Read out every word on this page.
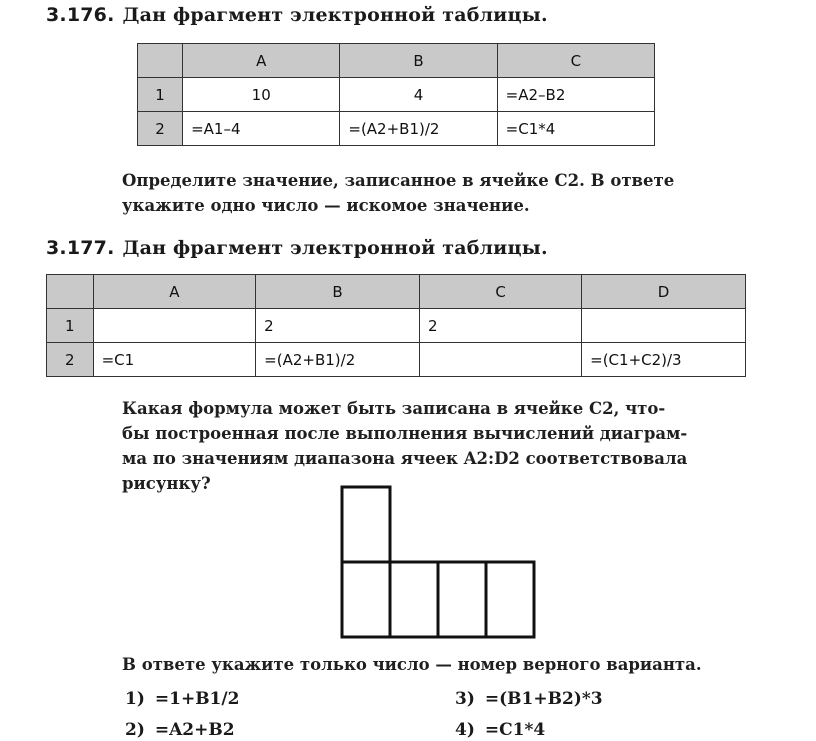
3.176. Дан фрагмент электронной таблицы.
	A	B	C
1	10	4	=A2–B2
2	=A1–4	=(A2+B1)/2	=C1*4
Определите значение, записанное в ячейке C2. В ответе
укажите одно число — искомое значение.
3.177. Дан фрагмент электронной таблицы.
	A	B	C	D
1		2	2	
2	=C1	=(A2+B1)/2		=(C1+C2)/3
Какая формула может быть записана в ячейке C2, что-
бы построенная после выполнения вычислений диаграм-
ма по значениям диапазона ячеек A2:D2 соответствовала
рисунку?
В ответе укажите только число — номер верного варианта.
1) =1+B1/2
2) =A2+B2
3) =(B1+B2)*3
4) =C1*4
